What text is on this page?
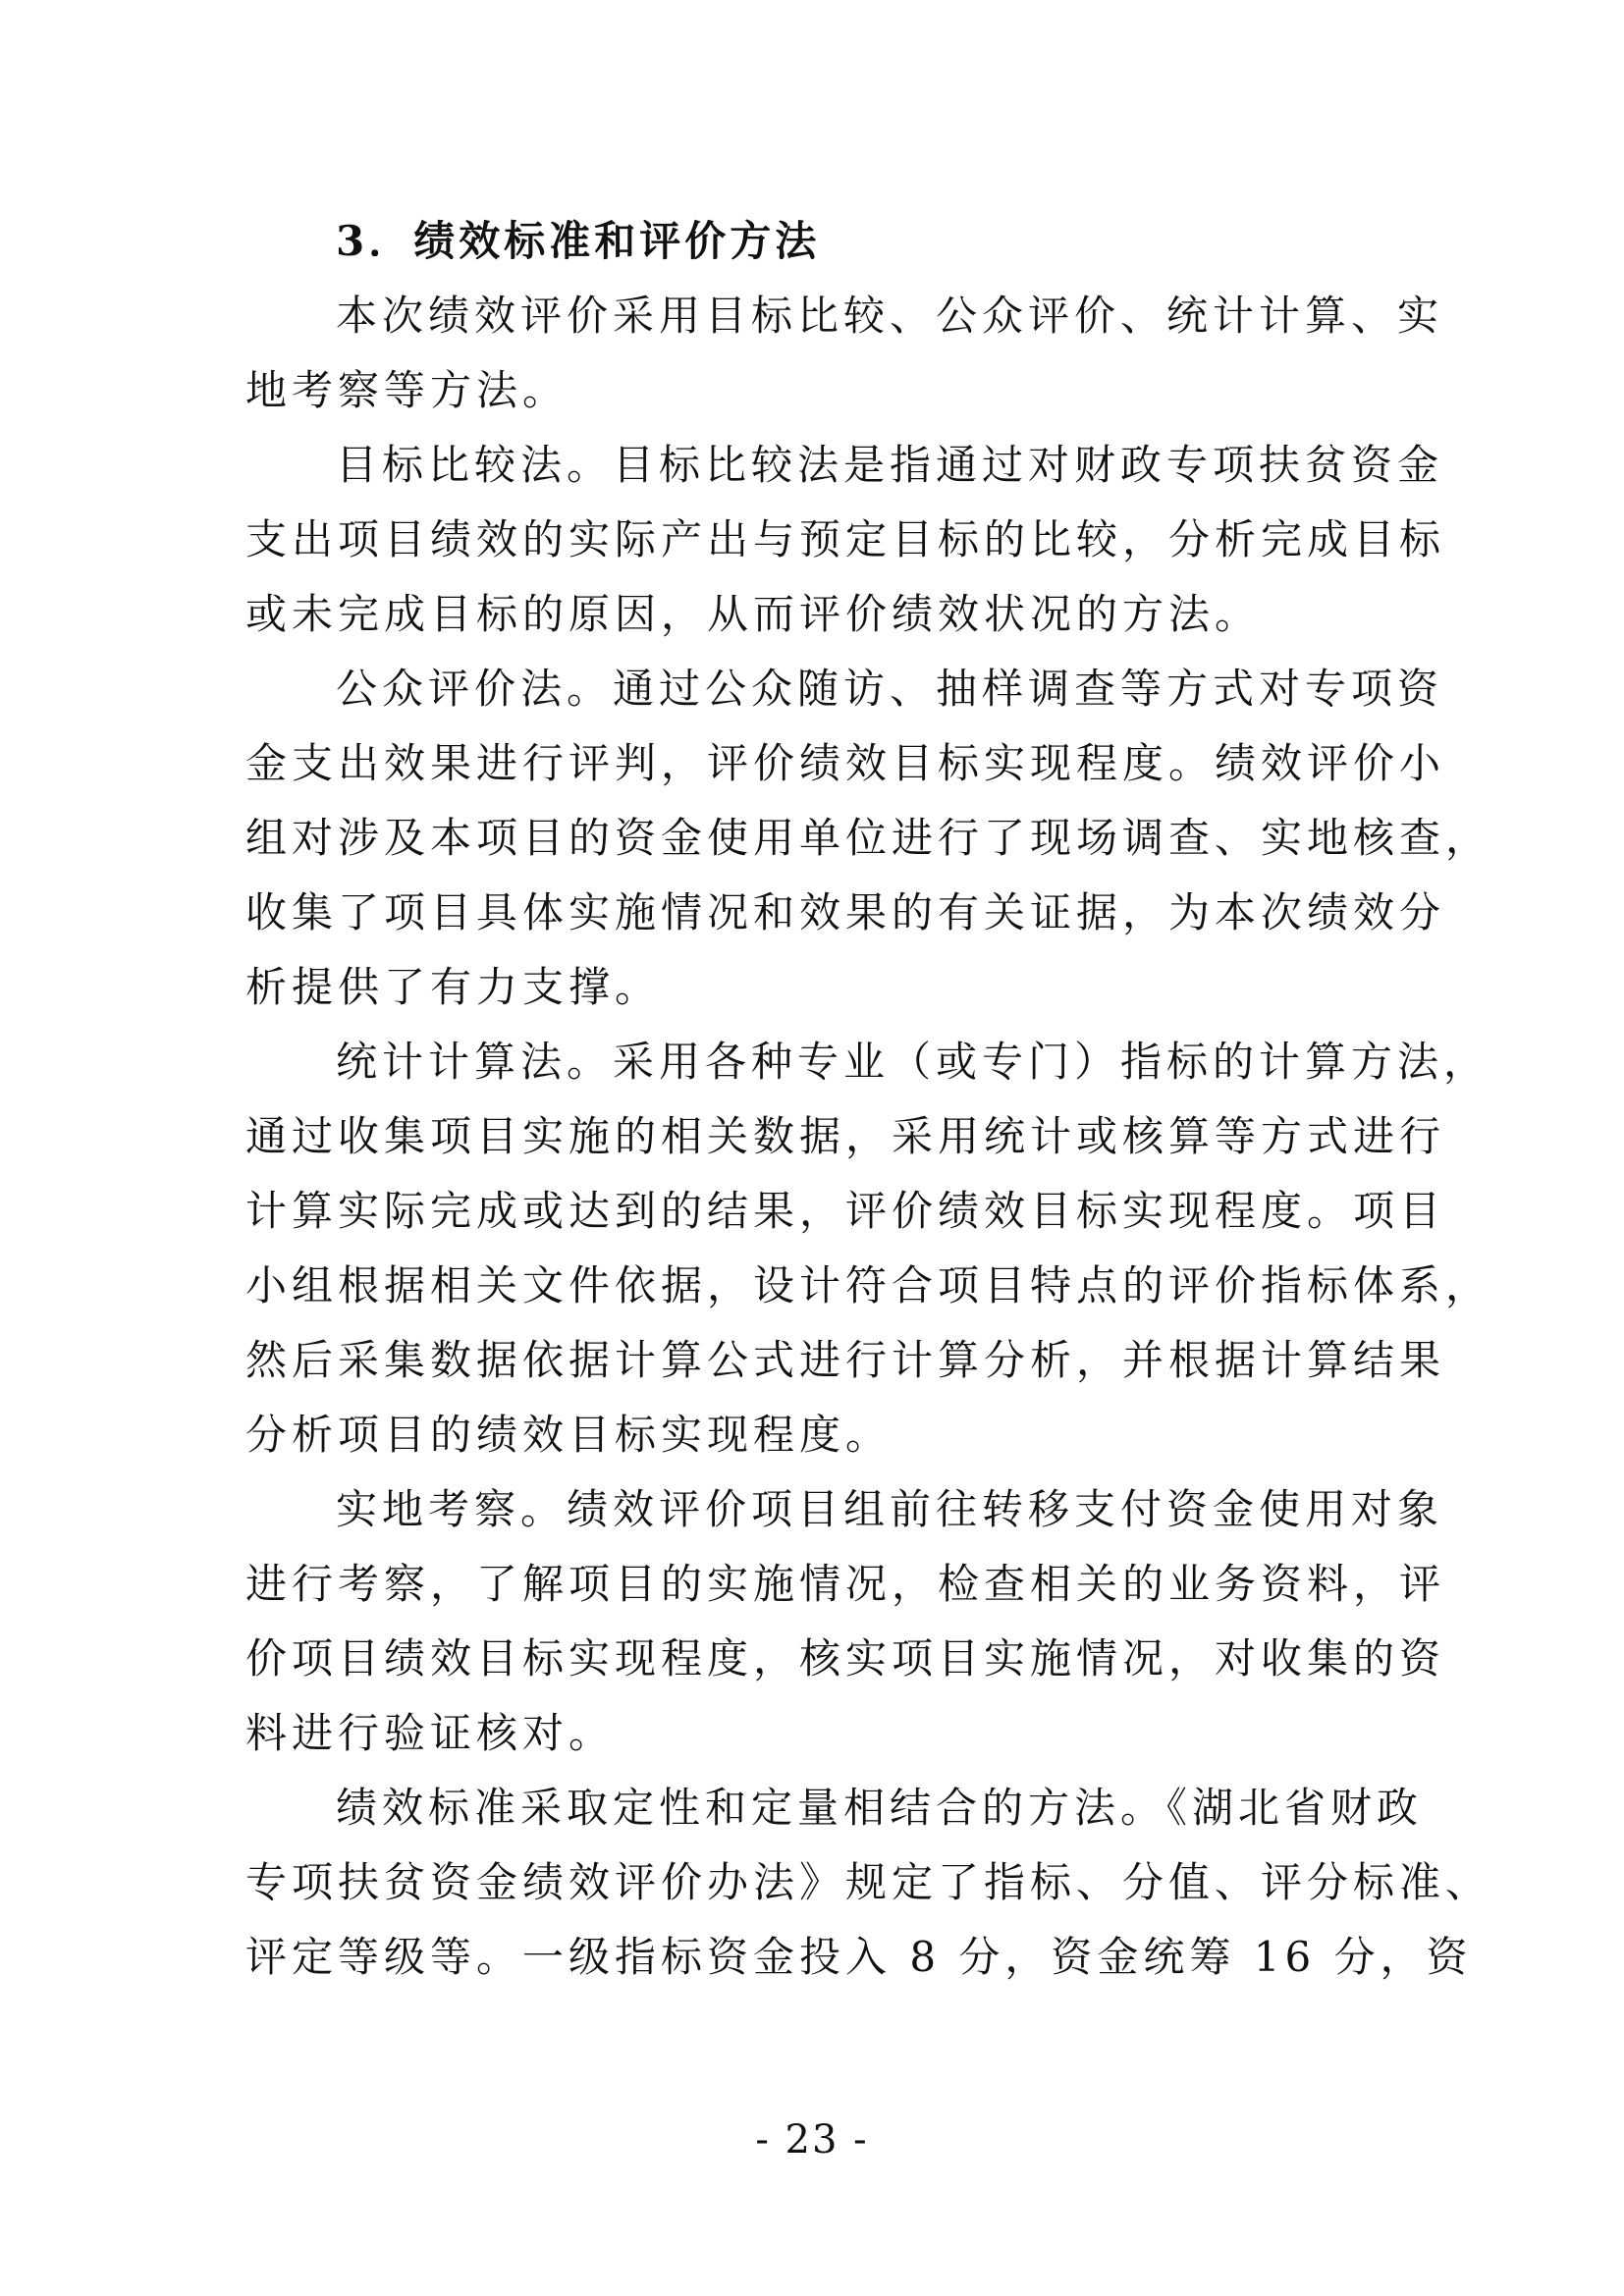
3．绩效标准和评价方法
本次绩效评价采用目标比较、公众评价、统计计算、实
地考察等方法。
目标比较法。目标比较法是指通过对财政专项扶贫资金
支出项目绩效的实际产出与预定目标的比较，分析完成目标
或未完成目标的原因，从而评价绩效状况的方法。
公众评价法。通过公众随访、抽样调查等方式对专项资
金支出效果进行评判，评价绩效目标实现程度。绩效评价小
组对涉及本项目的资金使用单位进行了现场调查、实地核查，
收集了项目具体实施情况和效果的有关证据，为本次绩效分
析提供了有力支撑。
统计计算法。采用各种专业（或专门）指标的计算方法，
通过收集项目实施的相关数据，采用统计或核算等方式进行
计算实际完成或达到的结果，评价绩效目标实现程度。项目
小组根据相关文件依据，设计符合项目特点的评价指标体系，
然后采集数据依据计算公式进行计算分析，并根据计算结果
分析项目的绩效目标实现程度。
实地考察。绩效评价项目组前往转移支付资金使用对象
进行考察，了解项目的实施情况，检查相关的业务资料，评
价项目绩效目标实现程度，核实项目实施情况，对收集的资
料进行验证核对。
绩效标准采取定性和定量相结合的方法。《湖北省财政
专项扶贫资金绩效评价办法》规定了指标、分值、评分标准、
评定等级等。一级指标资金投入 8 分，资金统筹 16 分，资
- 23 -
